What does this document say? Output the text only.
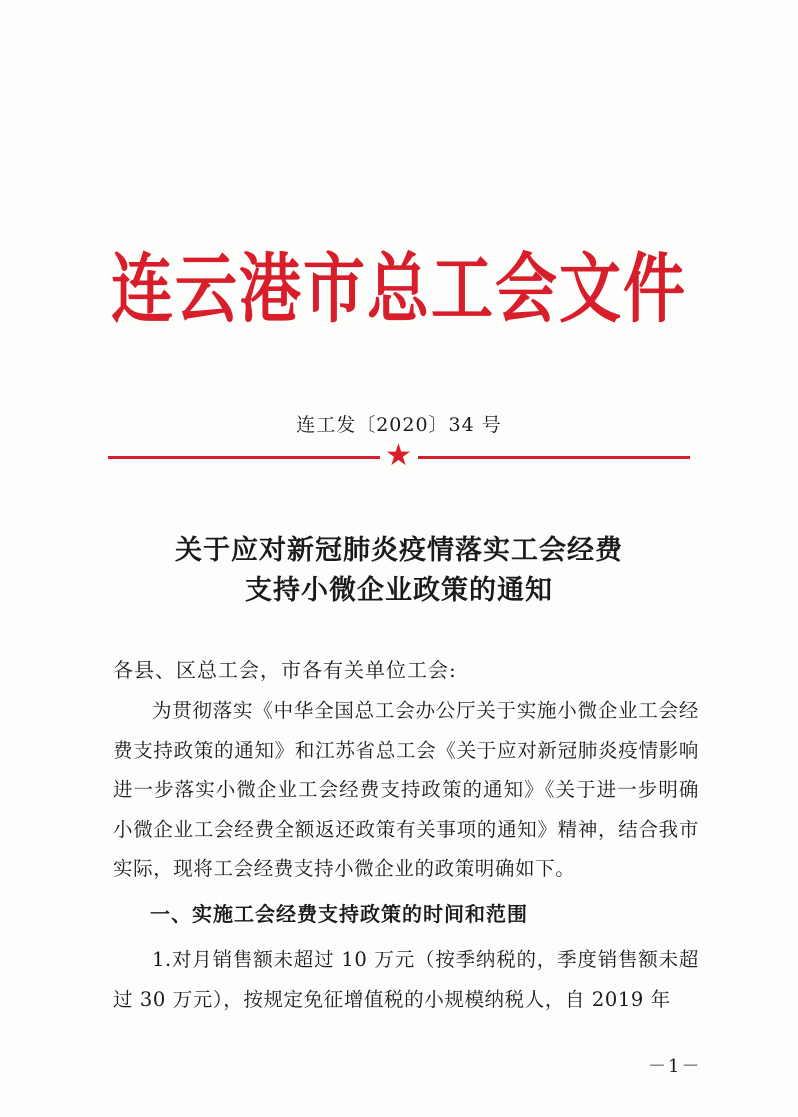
连云港市总工会文件
连工发〔2020〕34 号
★
关于应对新冠肺炎疫情落实工会经费
支持小微企业政策的通知
各县、区总工会，市各有关单位工会:
为贯彻落实《中华全国总工会办公厅关于实施小微企业工会经费支持政策的通知》和江苏省总工会《关于应对新冠肺炎疫情影响进一步落实小微企业工会经费支持政策的通知》《关于进一步明确小微企业工会经费全额返还政策有关事项的通知》精神，结合我市实际，现将工会经费支持小微企业的政策明确如下。
一、实施工会经费支持政策的时间和范围
1.对月销售额未超过 10 万元（按季纳税的，季度销售额未超过 30 万元），按规定免征增值税的小规模纳税人，自 2019 年
－1－
